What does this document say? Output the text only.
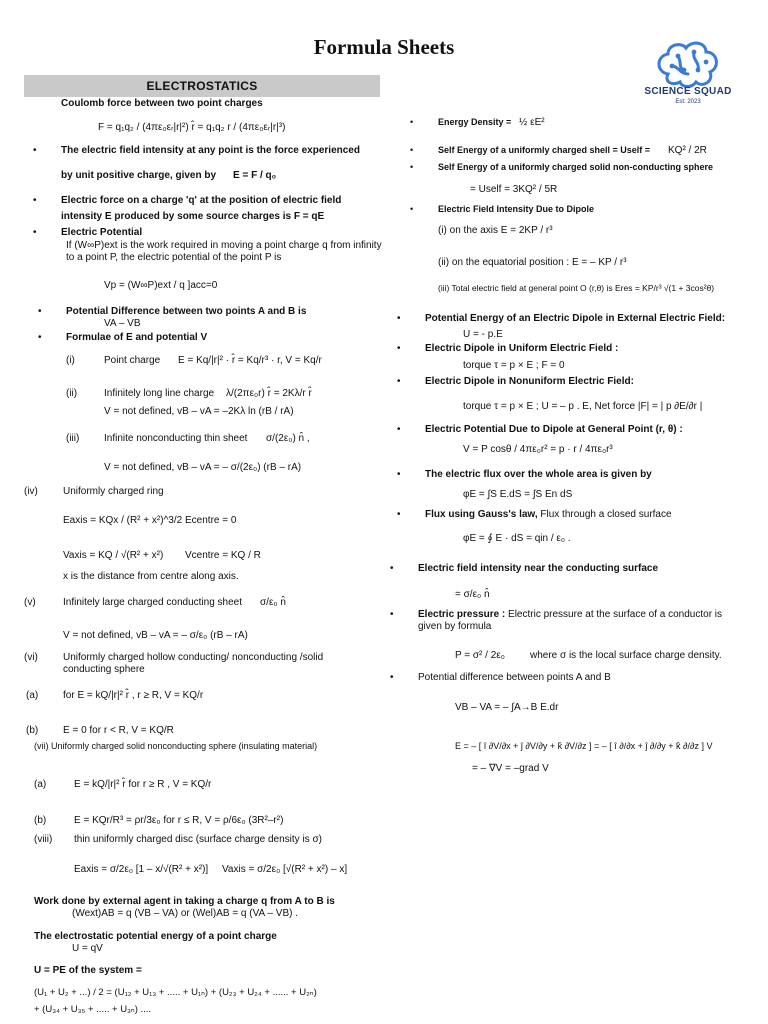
Formula Sheets
SCIENCE SQUAD
Est: 2023
ELECTROSTATICS
Coulomb force between two point charges
F = q₁q₂ / (4πε₀εᵣ|r|²) r̂ = q₁q₂ r / (4πε₀εᵣ|r|³)
• The electric field intensity at any point is the force experienced
by unit positive charge, given by E = F / q₀
• Electric force on a charge 'q' at the position of electric field
intensity E produced by some source charges is F = qE
• Electric Potential
If (W∞P)ext is the work required in moving a point charge q from infinity
to a point P, the electric potential of the point P is
Vp = (W∞P)ext / q ]acc=0
• Potential Difference between two points A and B is
VA – VB
• Formulae of E and potential V
(i)	Point charge E = Kq/|r|² · r̂ = Kq/r³ · r, V = Kq/r
(ii)	Infinitely long line charge λ/(2πε₀r) r̂ = 2Kλ/r r̂
V = not defined, vB – vA = –2Kλ ln (rB / rA)
(iii) Infinite nonconducting thin sheet σ/(2ε₀) n̂ ,
V = not defined, vB – vA = – σ/(2ε₀) (rB – rA)
(iv)	Uniformly charged ring
Eaxis = KQx / (R² + x²)^3/2 Ecentre = 0
Vaxis = KQ / √(R² + x²) Vcentre = KQ / R
x is the distance from centre along axis.
(v)	Infinitely large charged conducting sheet σ/ε₀ n̂
V = not defined, vB – vA = – σ/ε₀ (rB – rA)
(vi)	Uniformly charged hollow conducting/ nonconducting /solid
conducting sphere
(a) for E = kQ/|r|² r̂ , r ≥ R, V = KQ/r
(b) E = 0 for r < R, V = KQ/R
(vii) Uniformly charged solid nonconducting sphere (insulating material)
(a)	E = kQ/|r|² r̂ for r ≥ R , V = KQ/r
(b)	E = KQr/R³ = ρr/3ε₀ for r ≤ R, V = ρ/6ε₀ (3R²–r²)
(viii) thin uniformly charged disc (surface charge density is σ)
Eaxis = σ/2ε₀ [1 – x/√(R² + x²)] Vaxis = σ/2ε₀ [√(R² + x²) – x]
Work done by external agent in taking a charge q from A to B is
(Wext)AB = q (VB – VA) or (Wel)AB = q (VA – VB) .
The electrostatic potential energy of a point charge
U = qV
U = PE of the system =
(U₁ + U₂ + ...) / 2 = (U₁₂ + U₁₃ + ..... + U₁ₙ) + (U₂₃ + U₂₄ + ...... + U₂ₙ)
+ (U₃₄ + U₃₅ + ..... + U₃ₙ) ....
• Energy Density = ½ εE²
• Self Energy of a uniformly charged shell = Uself = KQ² / 2R
• Self Energy of a uniformly charged solid non-conducting sphere
= Uself = 3KQ² / 5R
• Electric Field Intensity Due to Dipole
(i) on the axis E = 2KP / r³
(ii) on the equatorial position : E = – KP / r³
(iii) Total electric field at general point O (r,θ) is Eres = KP/r³ √(1 + 3cos²θ)
• Potential Energy of an Electric Dipole in External Electric Field:
U = - p.E
• Electric Dipole in Uniform Electric Field :
torque τ = p × E ; F = 0
• Electric Dipole in Nonuniform Electric Field:
torque τ = p × E ; U = – p . E, Net force |F| = | p ∂E/∂r |
• Electric Potential Due to Dipole at General Point (r, θ) :
V = P cosθ / 4πε₀r² = p · r / 4πε₀r³
• The electric flux over the whole area is given by
φE = ∫S E.dS = ∫S En dS
• Flux using Gauss's law, Flux through a closed surface
φE = ∮ E · dS = qin / ε₀ .
• Electric field intensity near the conducting surface
= σ/ε₀ n̂
• Electric pressure : Electric pressure at the surface of a conductor is
given by formula
P = σ² / 2ε₀	where σ is the local surface charge density.
• Potential difference between points A and B
VB – VA = – ∫A→B E.dr
E = – [ î ∂V/∂x + ĵ ∂V/∂y + k̂ ∂V/∂z ] = – [ î ∂/∂x + ĵ ∂/∂y + k̂ ∂/∂z ] V
= – ∇V = –grad V
